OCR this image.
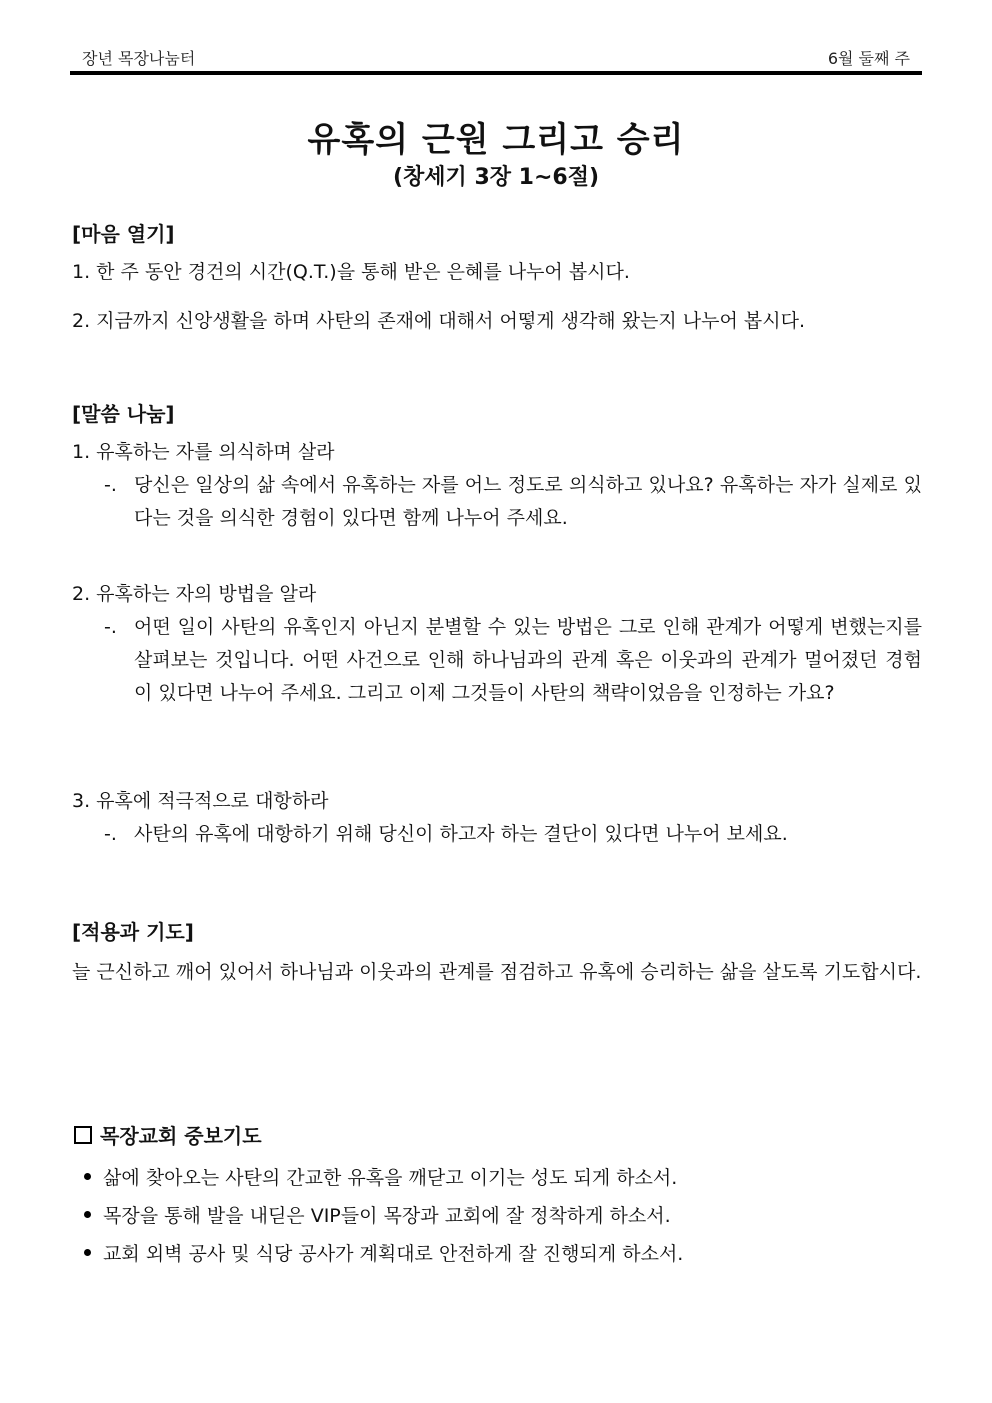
장년 목장나눔터	6월 둘째 주
유혹의 근원 그리고 승리
(창세기 3장 1~6절)
[마음 열기]
1. 한 주 동안 경건의 시간(Q.T.)을 통해 받은 은혜를 나누어 봅시다.
2. 지금까지 신앙생활을 하며 사탄의 존재에 대해서 어떻게 생각해 왔는지 나누어 봅시다.
[말씀 나눔]
1. 유혹하는 자를 의식하며 살라
-. 당신은 일상의 삶 속에서 유혹하는 자를 어느 정도로 의식하고 있나요? 유혹하는 자가 실제로 있다는 것을 의식한 경험이 있다면 함께 나누어 주세요.
2. 유혹하는 자의 방법을 알라
-. 어떤 일이 사탄의 유혹인지 아닌지 분별할 수 있는 방법은 그로 인해 관계가 어떻게 변했는지를 살펴보는 것입니다. 어떤 사건으로 인해 하나님과의 관계 혹은 이웃과의 관계가 멀어졌던 경험이 있다면 나누어 주세요. 그리고 이제 그것들이 사탄의 책략이었음을 인정하는 가요?
3. 유혹에 적극적으로 대항하라
-. 사탄의 유혹에 대항하기 위해 당신이 하고자 하는 결단이 있다면 나누어 보세요.
[적용과 기도]
늘 근신하고 깨어 있어서 하나님과 이웃과의 관계를 점검하고 유혹에 승리하는 삶을 살도록 기도합시다.
목장교회 중보기도
삶에 찾아오는 사탄의 간교한 유혹을 깨닫고 이기는 성도 되게 하소서.
목장을 통해 발을 내딛은 VIP들이 목장과 교회에 잘 정착하게 하소서.
교회 외벽 공사 및 식당 공사가 계획대로 안전하게 잘 진행되게 하소서.
